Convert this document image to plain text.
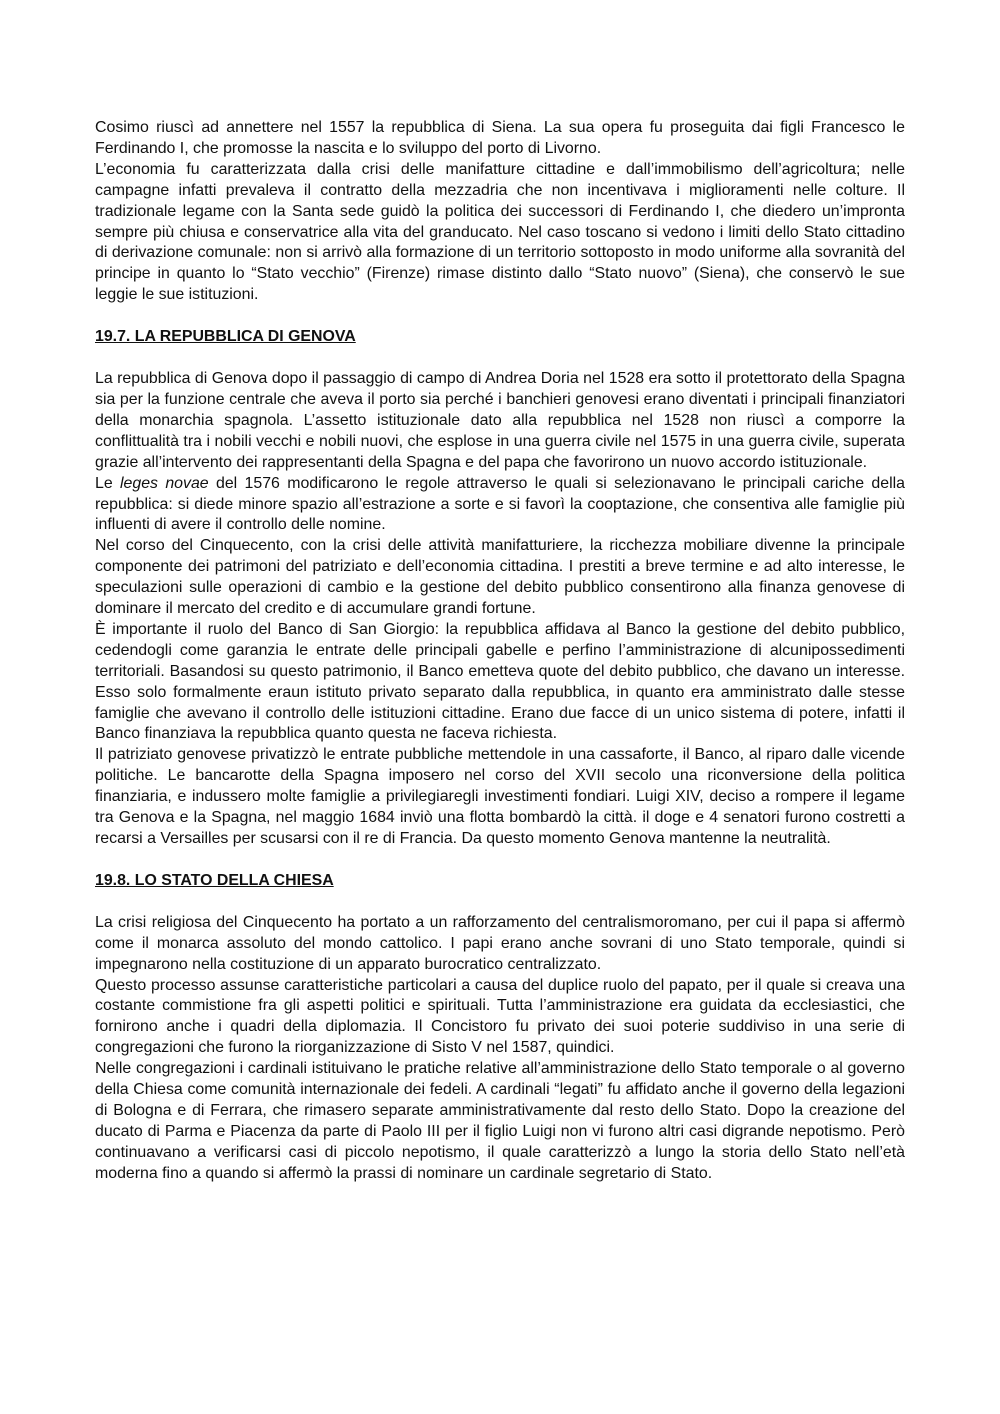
Cosimo riuscì ad annettere nel 1557 la repubblica di Siena. La sua opera fu proseguita dai figli Francesco le Ferdinando I, che promosse la nascita e lo sviluppo del porto di Livorno.

L’economia fu caratterizzata dalla crisi delle manifatture cittadine e dall’immobilismo dell’agricoltura; nelle campagne infatti prevaleva il contratto della mezzadria che non incentivava i miglioramenti nelle colture. Il tradizionale legame con la Santa sede guidò la politica dei successori di Ferdinando I, che diedero un’impronta sempre più chiusa e conservatrice alla vita del granducato. Nel caso toscano si vedono i limiti dello Stato cittadino di derivazione comunale: non si arrivò alla formazione di un territorio sottoposto in modo uniforme alla sovranità del principe in quanto lo “Stato vecchio” (Firenze) rimase distinto dallo “Stato nuovo” (Siena), che conservò le sue leggie le sue istituzioni.

19.7. LA REPUBBLICA DI GENOVA

La repubblica di Genova dopo il passaggio di campo di Andrea Doria nel 1528 era sotto il protettorato della Spagna sia per la funzione centrale che aveva il porto sia perché i banchieri genovesi erano diventati i principali finanziatori della monarchia spagnola. L’assetto istituzionale dato alla repubblica nel 1528 non riuscì a comporre la conflittualità tra i nobili vecchi e nobili nuovi, che esplose in una guerra civile nel 1575 in una guerra civile, superata grazie all’intervento dei rappresentanti della Spagna e del papa che favorirono un nuovo accordo istituzionale.

Le leges novae del 1576 modificarono le regole attraverso le quali si selezionavano le principali cariche della repubblica: si diede minore spazio all’estrazione a sorte e si favorì la cooptazione, che consentiva alle famiglie più influenti di avere il controllo delle nomine.

Nel corso del Cinquecento, con la crisi delle attività manifatturiere, la ricchezza mobiliare divenne la principale componente dei patrimoni del patriziato e dell’economia cittadina. I prestiti a breve termine e ad alto interesse, le speculazioni sulle operazioni di cambio e la gestione del debito pubblico consentirono alla finanza genovese di dominare il mercato del credito e di accumulare grandi fortune.

È importante il ruolo del Banco di San Giorgio: la repubblica affidava al Banco la gestione del debito pubblico, cedendogli come garanzia le entrate delle principali gabelle e perfino l’amministrazione di alcunipossedimenti territoriali. Basandosi su questo patrimonio, il Banco emetteva quote del debito pubblico, che davano un interesse. Esso solo formalmente eraun istituto privato separato dalla repubblica, in quanto era amministrato dalle stesse famiglie che avevano il controllo delle istituzioni cittadine. Erano due facce di un unico sistema di potere, infatti il Banco finanziava la repubblica quanto questa ne faceva richiesta.

Il patriziato genovese privatizzò le entrate pubbliche mettendole in una cassaforte, il Banco, al riparo dalle vicende politiche. Le bancarotte della Spagna imposero nel corso del XVII secolo una riconversione della politica finanziaria, e indussero molte famiglie a privilegiaregli investimenti fondiari. Luigi XIV, deciso a rompere il legame tra Genova e la Spagna, nel maggio 1684 inviò una flotta bombardò la città. il doge e 4 senatori furono costretti a recarsi a Versailles per scusarsi con il re di Francia. Da questo momento Genova mantenne la neutralità.

19.8. LO STATO DELLA CHIESA

La crisi religiosa del Cinquecento ha portato a un rafforzamento del centralismoromano, per cui il papa si affermò come il monarca assoluto del mondo cattolico. I papi erano anche sovrani di uno Stato temporale, quindi si impegnarono nella costituzione di un apparato burocratico centralizzato.

Questo processo assunse caratteristiche particolari a causa del duplice ruolo del papato, per il quale si creava una costante commistione fra gli aspetti politici e spirituali. Tutta l’amministrazione era guidata da ecclesiastici, che fornirono anche i quadri della diplomazia. Il Concistoro fu privato dei suoi poterie suddiviso in una serie di congregazioni che furono la riorganizzazione di Sisto V nel 1587, quindici.

Nelle congregazioni i cardinali istituivano le pratiche relative all’amministrazione dello Stato temporale o al governo della Chiesa come comunità internazionale dei fedeli. A cardinali “legati” fu affidato anche il governo della legazioni di Bologna e di Ferrara, che rimasero separate amministrativamente dal resto dello Stato. Dopo la creazione del ducato di Parma e Piacenza da parte di Paolo III per il figlio Luigi non vi furono altri casi digrande nepotismo. Però continuavano a verificarsi casi di piccolo nepotismo, il quale caratterizzò a lungo la storia dello Stato nell’età moderna fino a quando si affermò la prassi di nominare un cardinale segretario di Stato.
